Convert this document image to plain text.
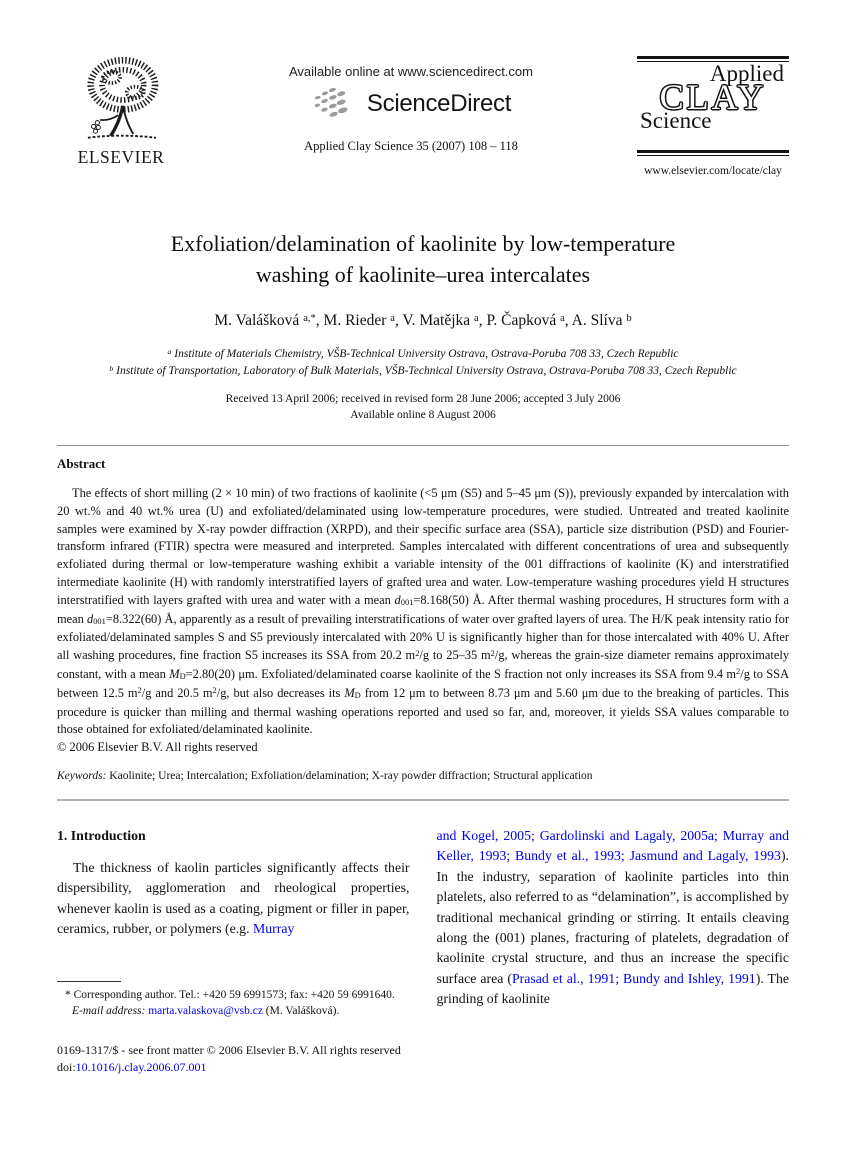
ELSEVIER
Available online at www.sciencedirect.com
ScienceDirect
Applied Clay Science 35 (2007) 108 – 118
Applied
CLAY
Science
www.elsevier.com/locate/clay
Exfoliation/delamination of kaolinite by low-temperature
washing of kaolinite–urea intercalates
M. Valášková $^{a,*}$, M. Rieder $^a$, V. Matějka $^a$, P. Čapková $^a$, A. Slíva $^b$
$^a$ Institute of Materials Chemistry, VŠB-Technical University Ostrava, Ostrava-Poruba 708 33, Czech Republic
$^b$ Institute of Transportation, Laboratory of Bulk Materials, VŠB-Technical University Ostrava, Ostrava-Poruba 708 33, Czech Republic
Received 13 April 2006; received in revised form 28 June 2006; accepted 3 July 2006
Available online 8 August 2006
Abstract

The effects of short milling (2 × 10 min) of two fractions of kaolinite (<5 μm (S5) and 5–45 μm (S)), previously expanded by intercalation with 20 wt.% and 40 wt.% urea (U) and exfoliated/delaminated using low-temperature procedures, were studied. Untreated and treated kaolinite samples were examined by X-ray powder diffraction (XRPD), and their specific surface area (SSA), particle size distribution (PSD) and Fourier-transform infrared (FTIR) spectra were measured and interpreted. Samples intercalated with different concentrations of urea and subsequently exfoliated during thermal or low-temperature washing exhibit a variable intensity of the 001 diffractions of kaolinite (K) and interstratified intermediate kaolinite (H) with randomly interstratified layers of grafted urea and water. Low-temperature washing procedures yield H structures interstratified with layers grafted with urea and water with a mean d001=8.168(50) Å. After thermal washing procedures, H structures form with a mean d001=8.322(60) Å, apparently as a result of prevailing interstratifications of water over grafted layers of urea. The H/K peak intensity ratio for exfoliated/delaminated samples S and S5 previously intercalated with 20% U is significantly higher than for those intercalated with 40% U. After all washing procedures, fine fraction S5 increases its SSA from 20.2 $m^2/g$ to 25–35 $m^2/g$, whereas the grain-size diameter remains approximately constant, with a mean MD=2.80(20) μm. Exfoliated/delaminated coarse kaolinite of the S fraction not only increases its SSA from 9.4 $m^2/g$ to SSA between 12.5 $m^2/g$ and 20.5 $m^2/g$, but also decreases its MD from 12 μm to between 8.73 μm and 5.60 μm due to the breaking of particles. This procedure is quicker than milling and thermal washing operations reported and used so far, and, moreover, it yields SSA values comparable to those obtained for exfoliated/delaminated kaolinite.

© 2006 Elsevier B.V. All rights reserved

Keywords: Kaolinite; Urea; Intercalation; Exfoliation/delamination; X-ray powder diffraction; Structural application

1. Introduction

The thickness of kaolin particles significantly affects their dispersibility, agglomeration and rheological properties, whenever kaolin is used as a coating, pigment or filler in paper, ceramics, rubber, or polymers (e.g. Murray

* Corresponding author. Tel.: +420 59 6991573; fax: +420 59 6991640.

E-mail address: marta.valaskova@vsb.cz (M. Valášková).

0169-1317/$ - see front matter © 2006 Elsevier B.V. All rights reserved

doi:10.1016/j.clay.2006.07.001

and Kogel, 2005; Gardolinski and Lagaly, 2005a; Murray and Keller, 1993; Bundy et al., 1993; Jasmund and Lagaly, 1993). In the industry, separation of kaolinite particles into thin platelets, also referred to as “delamination”, is accomplished by traditional mechanical grinding or stirring. It entails cleaving along the (001) planes, fracturing of platelets, degradation of kaolinite crystal structure, and thus an increase the specific surface area (Prasad et al., 1991; Bundy and Ishley, 1991). The grinding of kaolinite
